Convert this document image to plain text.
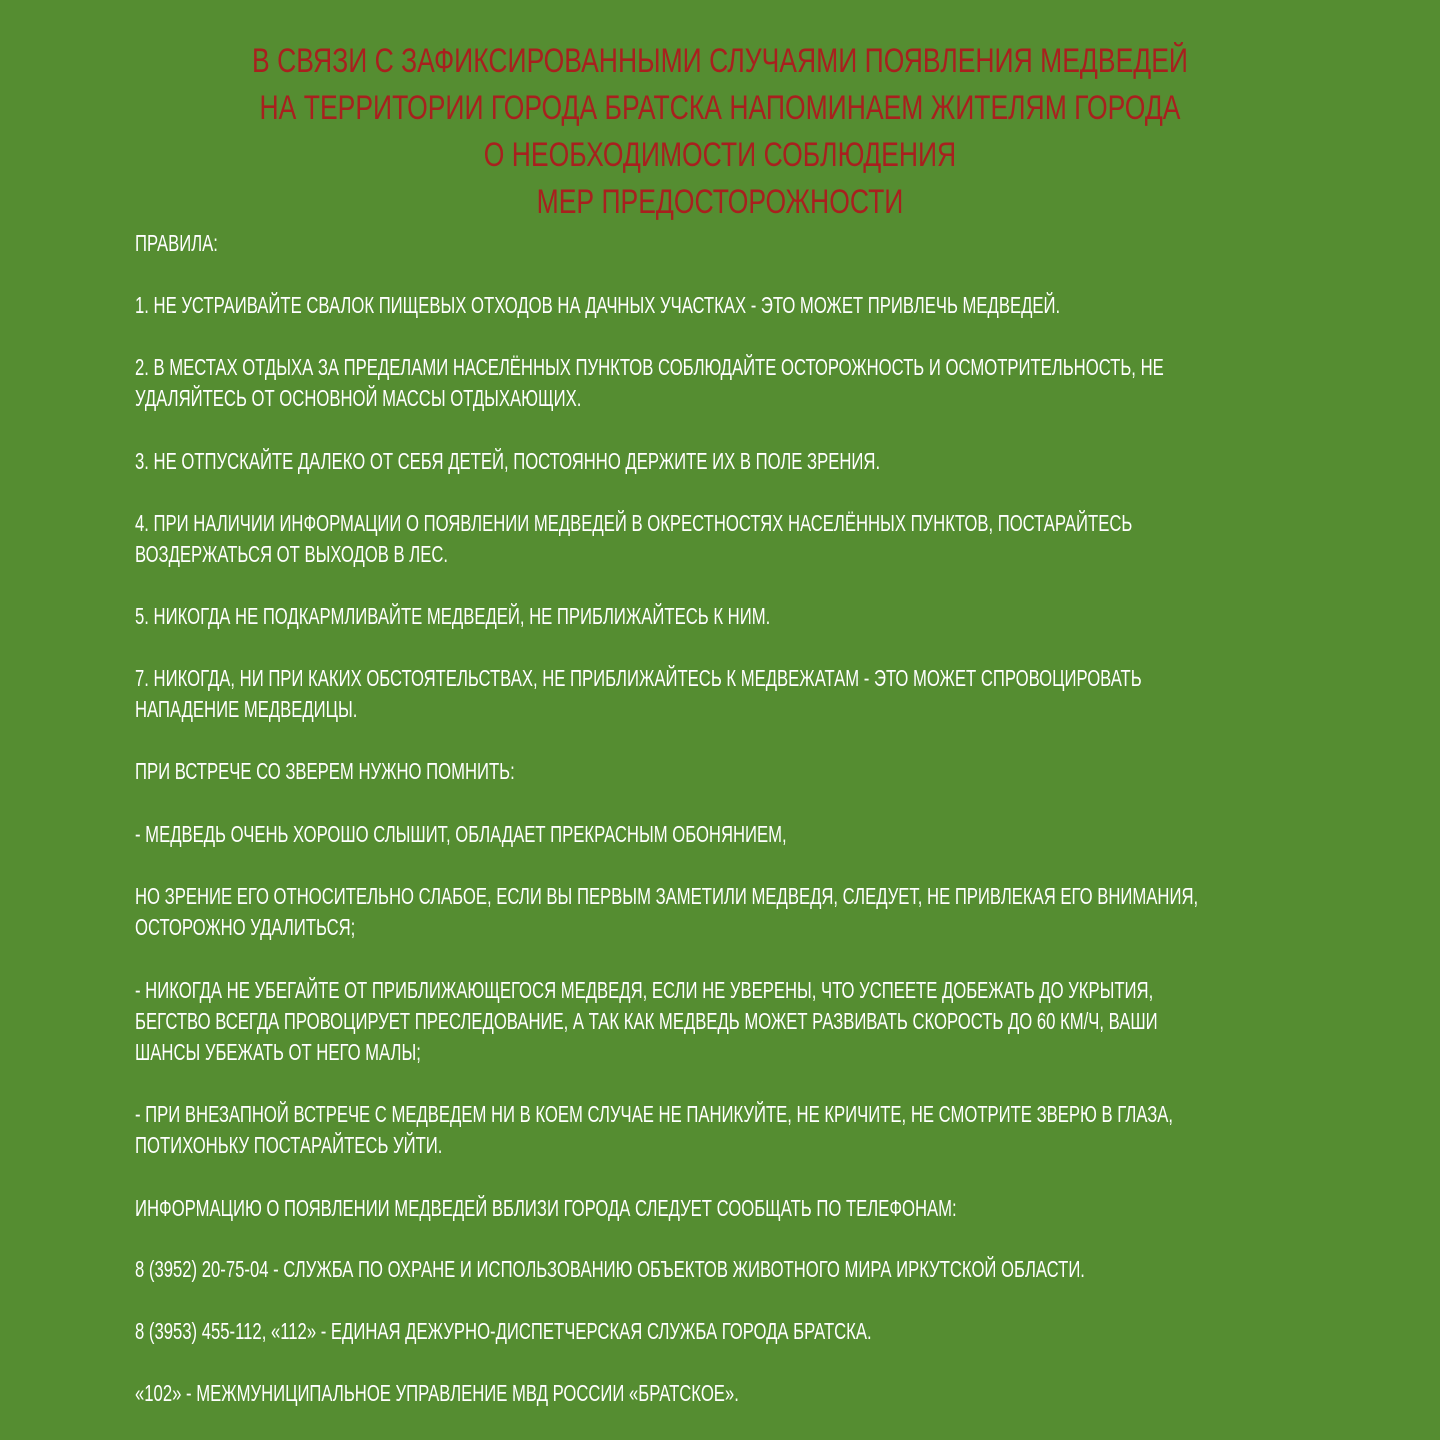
В СВЯЗИ С ЗАФИКСИРОВАННЫМИ СЛУЧАЯМИ ПОЯВЛЕНИЯ МЕДВЕДЕЙ
НА ТЕРРИТОРИИ ГОРОДА БРАТСКА НАПОМИНАЕМ ЖИТЕЛЯМ ГОРОДА
О НЕОБХОДИМОСТИ СОБЛЮДЕНИЯ
МЕР ПРЕДОСТОРОЖНОСТИ
ПРАВИЛА:
1. НЕ УСТРАИВАЙТЕ СВАЛОК ПИЩЕВЫХ ОТХОДОВ НА ДАЧНЫХ УЧАСТКАХ - ЭТО МОЖЕТ ПРИВЛЕЧЬ МЕДВЕДЕЙ.
2. В МЕСТАХ ОТДЫХА ЗА ПРЕДЕЛАМИ НАСЕЛЁННЫХ ПУНКТОВ СОБЛЮДАЙТЕ ОСТОРОЖНОСТЬ И ОСМОТРИТЕЛЬНОСТЬ, НЕ
УДАЛЯЙТЕСЬ ОТ ОСНОВНОЙ МАССЫ ОТДЫХАЮЩИХ.
3. НЕ ОТПУСКАЙТЕ ДАЛЕКО ОТ СЕБЯ ДЕТЕЙ, ПОСТОЯННО ДЕРЖИТЕ ИХ В ПОЛЕ ЗРЕНИЯ.
4. ПРИ НАЛИЧИИ ИНФОРМАЦИИ О ПОЯВЛЕНИИ МЕДВЕДЕЙ В ОКРЕСТНОСТЯХ НАСЕЛЁННЫХ ПУНКТОВ, ПОСТАРАЙТЕСЬ
ВОЗДЕРЖАТЬСЯ ОТ ВЫХОДОВ В ЛЕС.
5. НИКОГДА НЕ ПОДКАРМЛИВАЙТЕ МЕДВЕДЕЙ, НЕ ПРИБЛИЖАЙТЕСЬ К НИМ.
7. НИКОГДА, НИ ПРИ КАКИХ ОБСТОЯТЕЛЬСТВАХ, НЕ ПРИБЛИЖАЙТЕСЬ К МЕДВЕЖАТАМ - ЭТО МОЖЕТ СПРОВОЦИРОВАТЬ
НАПАДЕНИЕ МЕДВЕДИЦЫ.
ПРИ ВСТРЕЧЕ СО ЗВЕРЕМ НУЖНО ПОМНИТЬ:
- МЕДВЕДЬ ОЧЕНЬ ХОРОШО СЛЫШИТ, ОБЛАДАЕТ ПРЕКРАСНЫМ ОБОНЯНИЕМ,
НО ЗРЕНИЕ ЕГО ОТНОСИТЕЛЬНО СЛАБОЕ, ЕСЛИ ВЫ ПЕРВЫМ ЗАМЕТИЛИ МЕДВЕДЯ, СЛЕДУЕТ, НЕ ПРИВЛЕКАЯ ЕГО ВНИМАНИЯ,
ОСТОРОЖНО УДАЛИТЬСЯ;
- НИКОГДА НЕ УБЕГАЙТЕ ОТ ПРИБЛИЖАЮЩЕГОСЯ МЕДВЕДЯ, ЕСЛИ НЕ УВЕРЕНЫ, ЧТО УСПЕЕТЕ ДОБЕЖАТЬ ДО УКРЫТИЯ,
БЕГСТВО ВСЕГДА ПРОВОЦИРУЕТ ПРЕСЛЕДОВАНИЕ, А ТАК КАК МЕДВЕДЬ МОЖЕТ РАЗВИВАТЬ СКОРОСТЬ ДО 60 КМ/Ч, ВАШИ
ШАНСЫ УБЕЖАТЬ ОТ НЕГО МАЛЫ;
- ПРИ ВНЕЗАПНОЙ ВСТРЕЧЕ С МЕДВЕДЕМ НИ В КОЕМ СЛУЧАЕ НЕ ПАНИКУЙТЕ, НЕ КРИЧИТЕ, НЕ СМОТРИТЕ ЗВЕРЮ В ГЛАЗА,
ПОТИХОНЬКУ ПОСТАРАЙТЕСЬ УЙТИ.
ИНФОРМАЦИЮ О ПОЯВЛЕНИИ МЕДВЕДЕЙ ВБЛИЗИ ГОРОДА СЛЕДУЕТ СООБЩАТЬ ПО ТЕЛЕФОНАМ:
8 (3952) 20-75-04 - СЛУЖБА ПО ОХРАНЕ И ИСПОЛЬЗОВАНИЮ ОБЪЕКТОВ ЖИВОТНОГО МИРА ИРКУТСКОЙ ОБЛАСТИ.
8 (3953) 455-112, «112» - ЕДИНАЯ ДЕЖУРНО-ДИСПЕТЧЕРСКАЯ СЛУЖБА ГОРОДА БРАТСКА.
«102» - МЕЖМУНИЦИПАЛЬНОЕ УПРАВЛЕНИЕ МВД РОССИИ «БРАТСКОЕ».
